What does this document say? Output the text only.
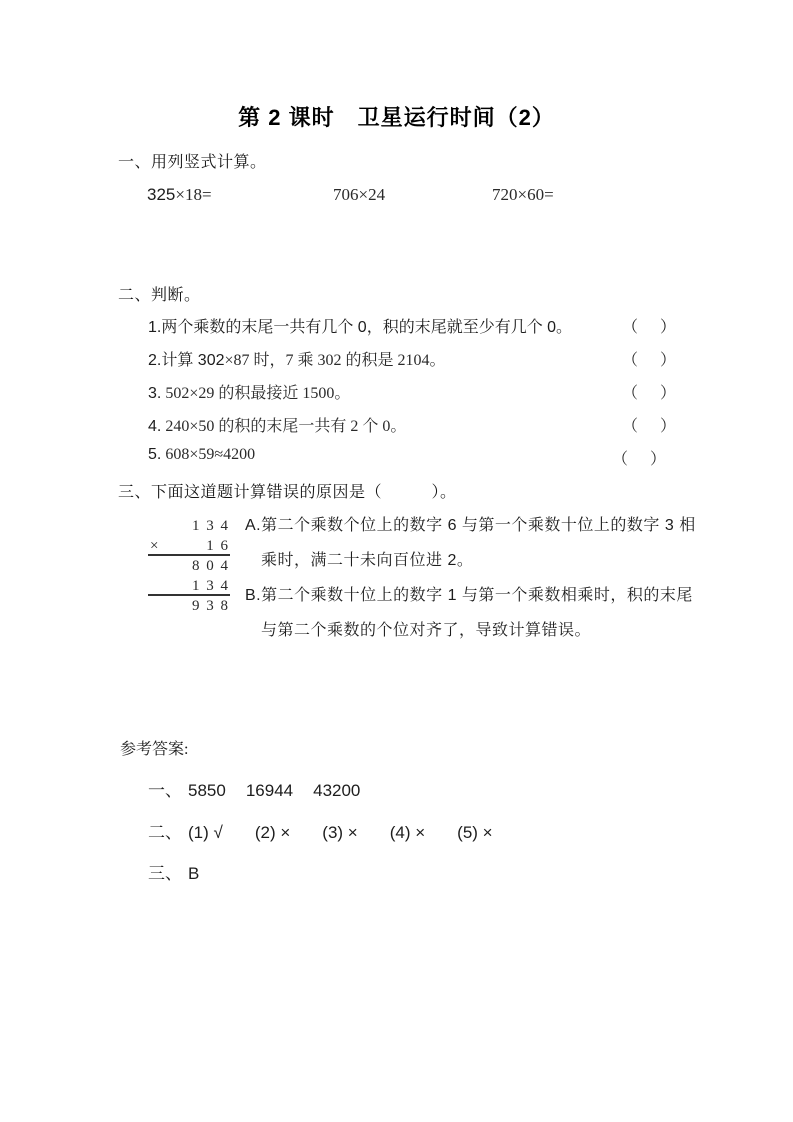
第 2 课时　卫星运行时间（2）
一、用列竖式计算。
325×18=	706×24	720×60=
二、判断。
1.两个乘数的末尾一共有几个 0，积的末尾就至少有几个 0。	（ ）
2.计算 302×87 时，7 乘 302 的积是 2104。	（ ）
3. 502×29 的积最接近 1500。	（ ）
4. 240×50 的积的末尾一共有 2 个 0。	（ ）
5. 608×59≈4200	（ ）
三、下面这道题计算错误的原因是（　　　）。
1 3 4
×	1 6
8 0 4
1 3 4
9 3 8
A.第二个乘数个位上的数字 6 与第一个乘数十位上的数字 3 相
乘时，满二十未向百位进 2。
B.第二个乘数十位上的数字 1 与第一个乘数相乘时，积的末尾
与第二个乘数的个位对齐了，导致计算错误。
参考答案:
一、 5850 16944 43200
二、 (1) √ (2) × (3) × (4) × (5) ×
三、 B
